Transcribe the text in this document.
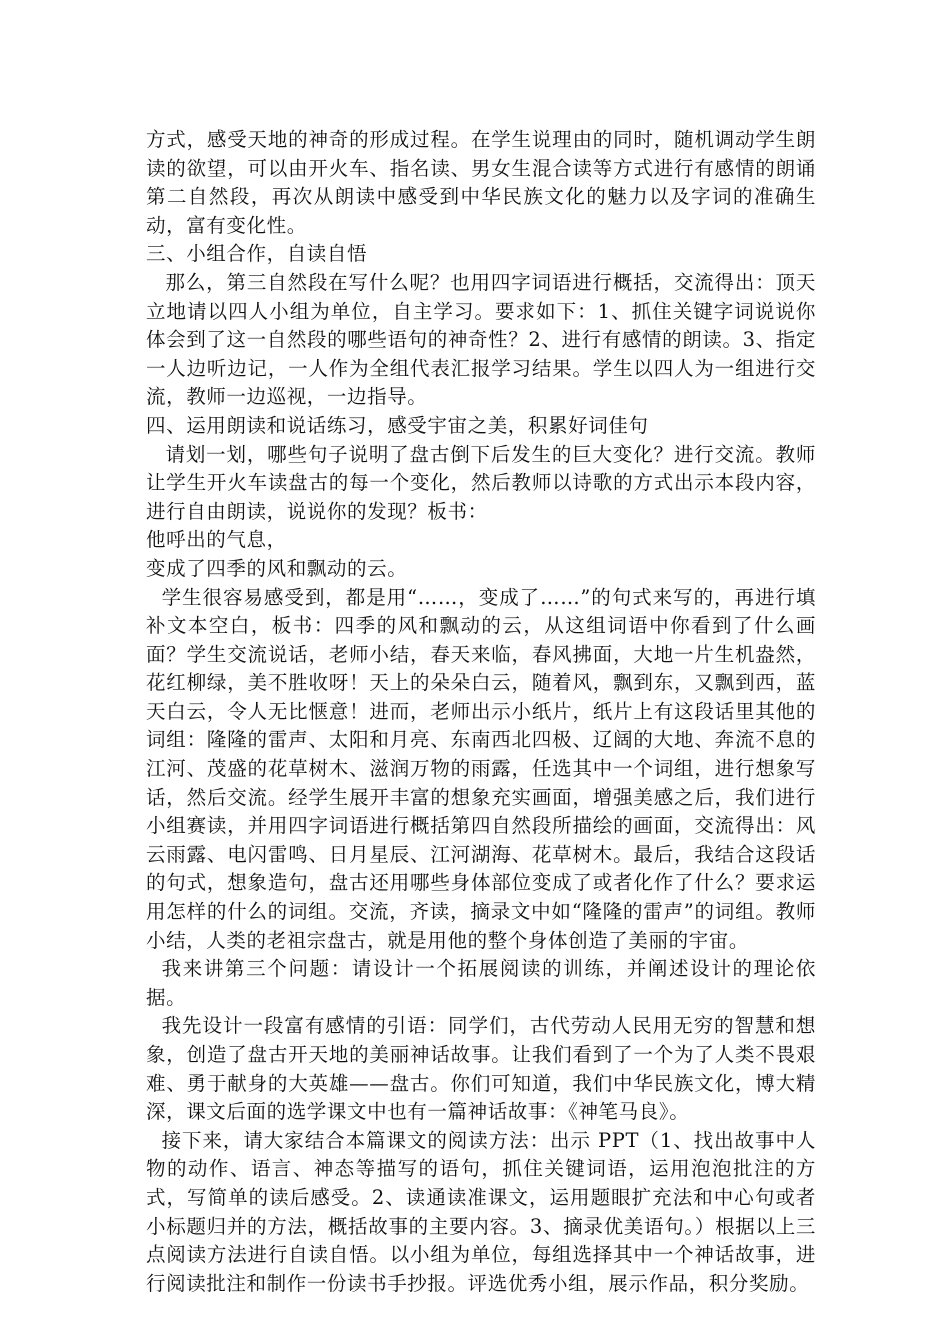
方式，感受天地的神奇的形成过程。在学生说理由的同时，随机调动学生朗读的欲望，可以由开火车、指名读、男女生混合读等方式进行有感情的朗诵第二自然段，再次从朗读中感受到中华民族文化的魅力以及字词的准确生动，富有变化性。

三、小组合作，自读自悟

那么，第三自然段在写什么呢？也用四字词语进行概括，交流得出：顶天立地请以四人小组为单位，自主学习。要求如下：1、抓住关键字词说说你体会到了这一自然段的哪些语句的神奇性？2、进行有感情的朗读。3、指定一人边听边记，一人作为全组代表汇报学习结果。学生以四人为一组进行交流，教师一边巡视，一边指导。

四、运用朗读和说话练习，感受宇宙之美，积累好词佳句

请划一划，哪些句子说明了盘古倒下后发生的巨大变化？进行交流。教师让学生开火车读盘古的每一个变化，然后教师以诗歌的方式出示本段内容，进行自由朗读，说说你的发现？板书：

他呼出的气息，

变成了四季的风和飘动的云。

学生很容易感受到，都是用“……，变成了……”的句式来写的，再进行填补文本空白，板书：四季的风和飘动的云，从这组词语中你看到了什么画面？学生交流说话，老师小结，春天来临，春风拂面，大地一片生机盎然，花红柳绿，美不胜收呀！天上的朵朵白云，随着风，飘到东，又飘到西，蓝天白云，令人无比惬意！进而，老师出示小纸片，纸片上有这段话里其他的词组：隆隆的雷声、太阳和月亮、东南西北四极、辽阔的大地、奔流不息的江河、茂盛的花草树木、滋润万物的雨露，任选其中一个词组，进行想象写话，然后交流。经学生展开丰富的想象充实画面，增强美感之后，我们进行小组赛读，并用四字词语进行概括第四自然段所描绘的画面，交流得出：风云雨露、电闪雷鸣、日月星辰、江河湖海、花草树木。最后，我结合这段话的句式，想象造句，盘古还用哪些身体部位变成了或者化作了什么？要求运用怎样的什么的词组。交流，齐读，摘录文中如“隆隆的雷声”的词组。教师小结，人类的老祖宗盘古，就是用他的整个身体创造了美丽的宇宙。

我来讲第三个问题：请设计一个拓展阅读的训练，并阐述设计的理论依据。

我先设计一段富有感情的引语：同学们，古代劳动人民用无穷的智慧和想象，创造了盘古开天地的美丽神话故事。让我们看到了一个为了人类不畏艰难、勇于献身的大英雄——盘古。你们可知道，我们中华民族文化，博大精深，课文后面的选学课文中也有一篇神话故事：《神笔马良》。

接下来，请大家结合本篇课文的阅读方法：出示 PPT（1、找出故事中人物的动作、语言、神态等描写的语句，抓住关键词语，运用泡泡批注的方式，写简单的读后感受。2、读通读准课文，运用题眼扩充法和中心句或者小标题归并的方法，概括故事的主要内容。3、摘录优美语句。）根据以上三点阅读方法进行自读自悟。以小组为单位，每组选择其中一个神话故事，进行阅读批注和制作一份读书手抄报。评选优秀小组，展示作品，积分奖励。
